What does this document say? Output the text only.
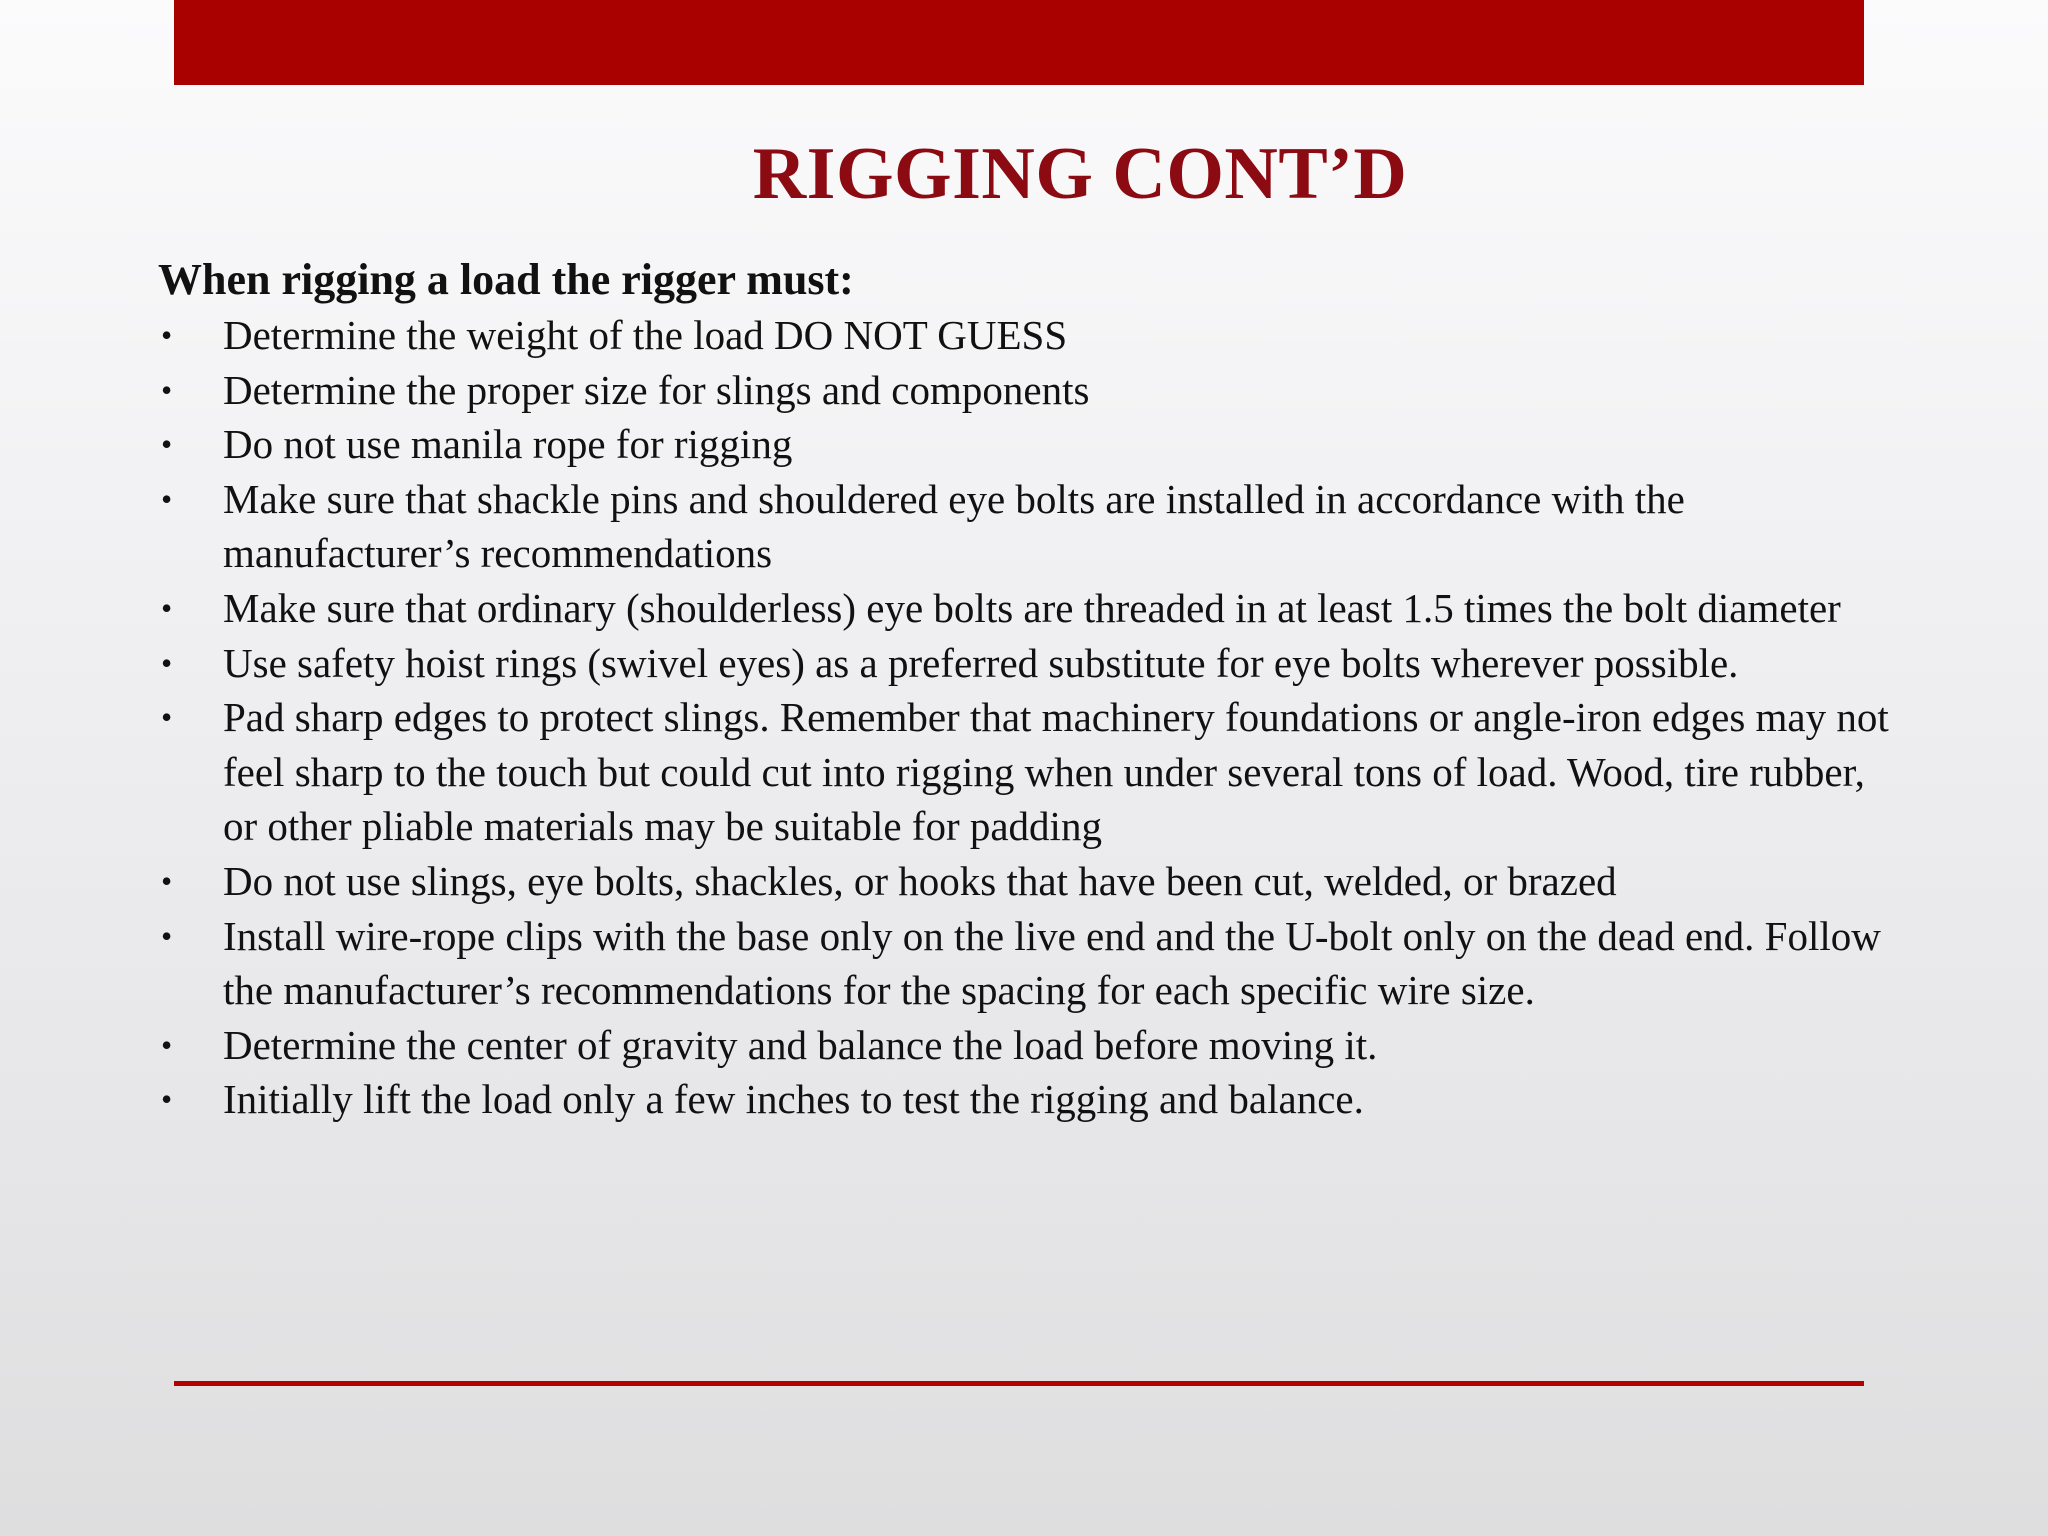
RIGGING CONT’D
When rigging a load the rigger must:
• Determine the weight of the load DO NOT GUESS
• Determine the proper size for slings and components
• Do not use manila rope for rigging
• Make sure that shackle pins and shouldered eye bolts are installed in accordance with the manufacturer’s recommendations
• Make sure that ordinary (shoulderless) eye bolts are threaded in at least 1.5 times the bolt diameter
• Use safety hoist rings (swivel eyes) as a preferred substitute for eye bolts wherever possible.
• Pad sharp edges to protect slings. Remember that machinery foundations or angle-iron edges may not feel sharp to the touch but could cut into rigging when under several tons of load. Wood, tire rubber, or other pliable materials may be suitable for padding
• Do not use slings, eye bolts, shackles, or hooks that have been cut, welded, or brazed
• Install wire-rope clips with the base only on the live end and the U-bolt only on the dead end. Follow the manufacturer’s recommendations for the spacing for each specific wire size.
• Determine the center of gravity and balance the load before moving it.
• Initially lift the load only a few inches to test the rigging and balance.
